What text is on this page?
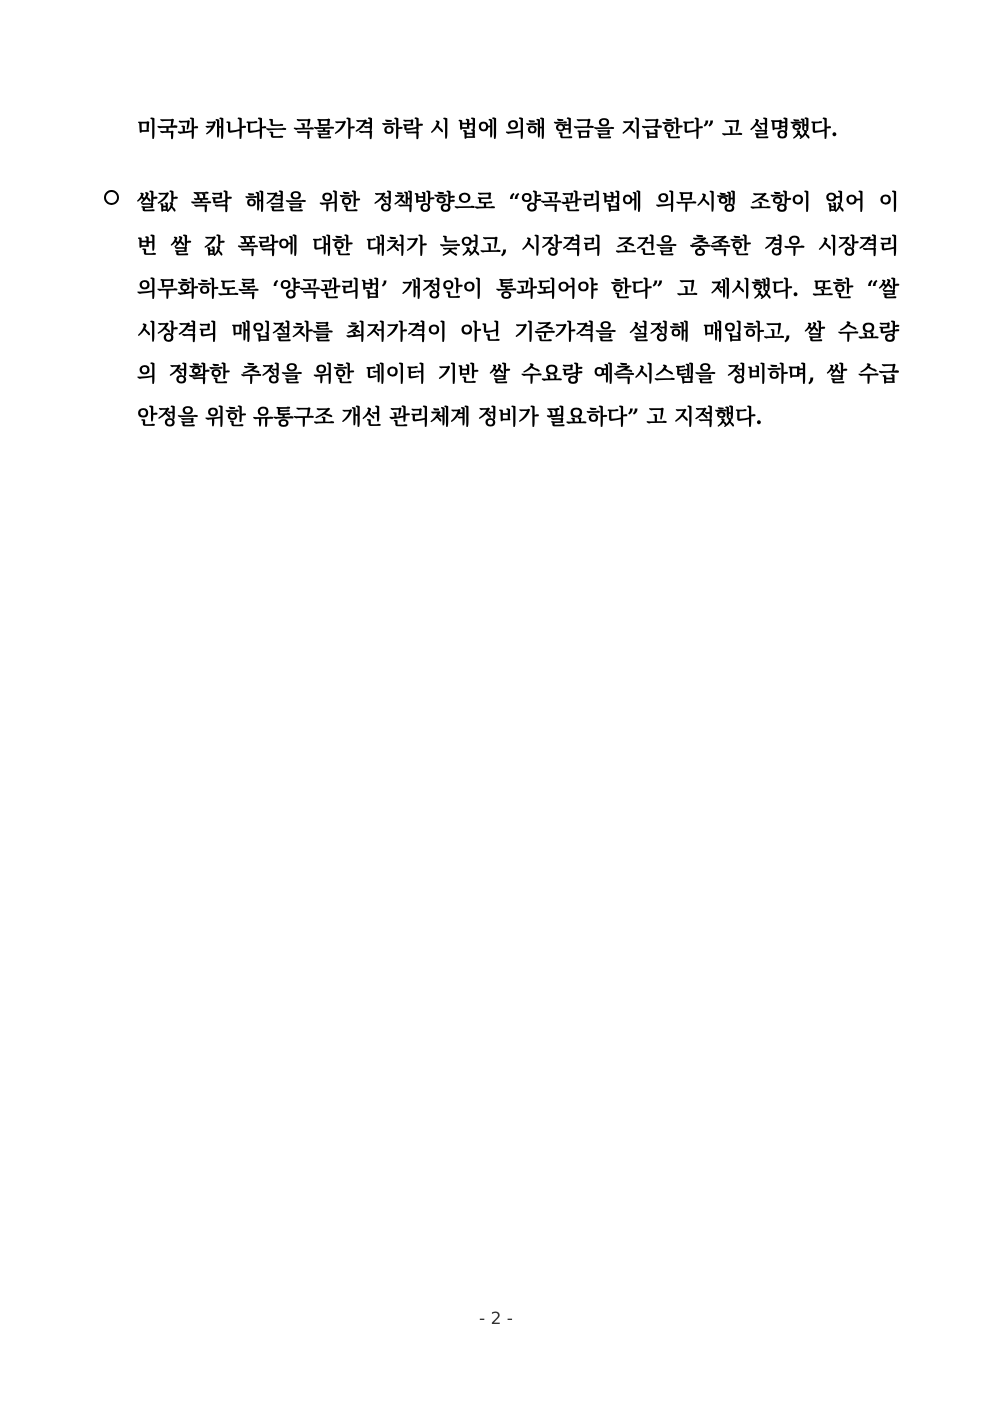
미국과 캐나다는 곡물가격 하락 시 법에 의해 현금을 지급한다” 고 설명했다.
쌀값 폭락 해결을 위한 정책방향으로 “양곡관리법에 의무시행 조항이 없어 이
번 쌀 값 폭락에 대한 대처가 늦었고, 시장격리 조건을 충족한 경우 시장격리
의무화하도록 ‘양곡관리법’ 개정안이 통과되어야 한다” 고 제시했다. 또한 “쌀
시장격리 매입절차를 최저가격이 아닌 기준가격을 설정해 매입하고, 쌀 수요량
의 정확한 추정을 위한 데이터 기반 쌀 수요량 예측시스템을 정비하며, 쌀 수급
안정을 위한 유통구조 개선 관리체계 정비가 필요하다” 고 지적했다.
- 2 -
